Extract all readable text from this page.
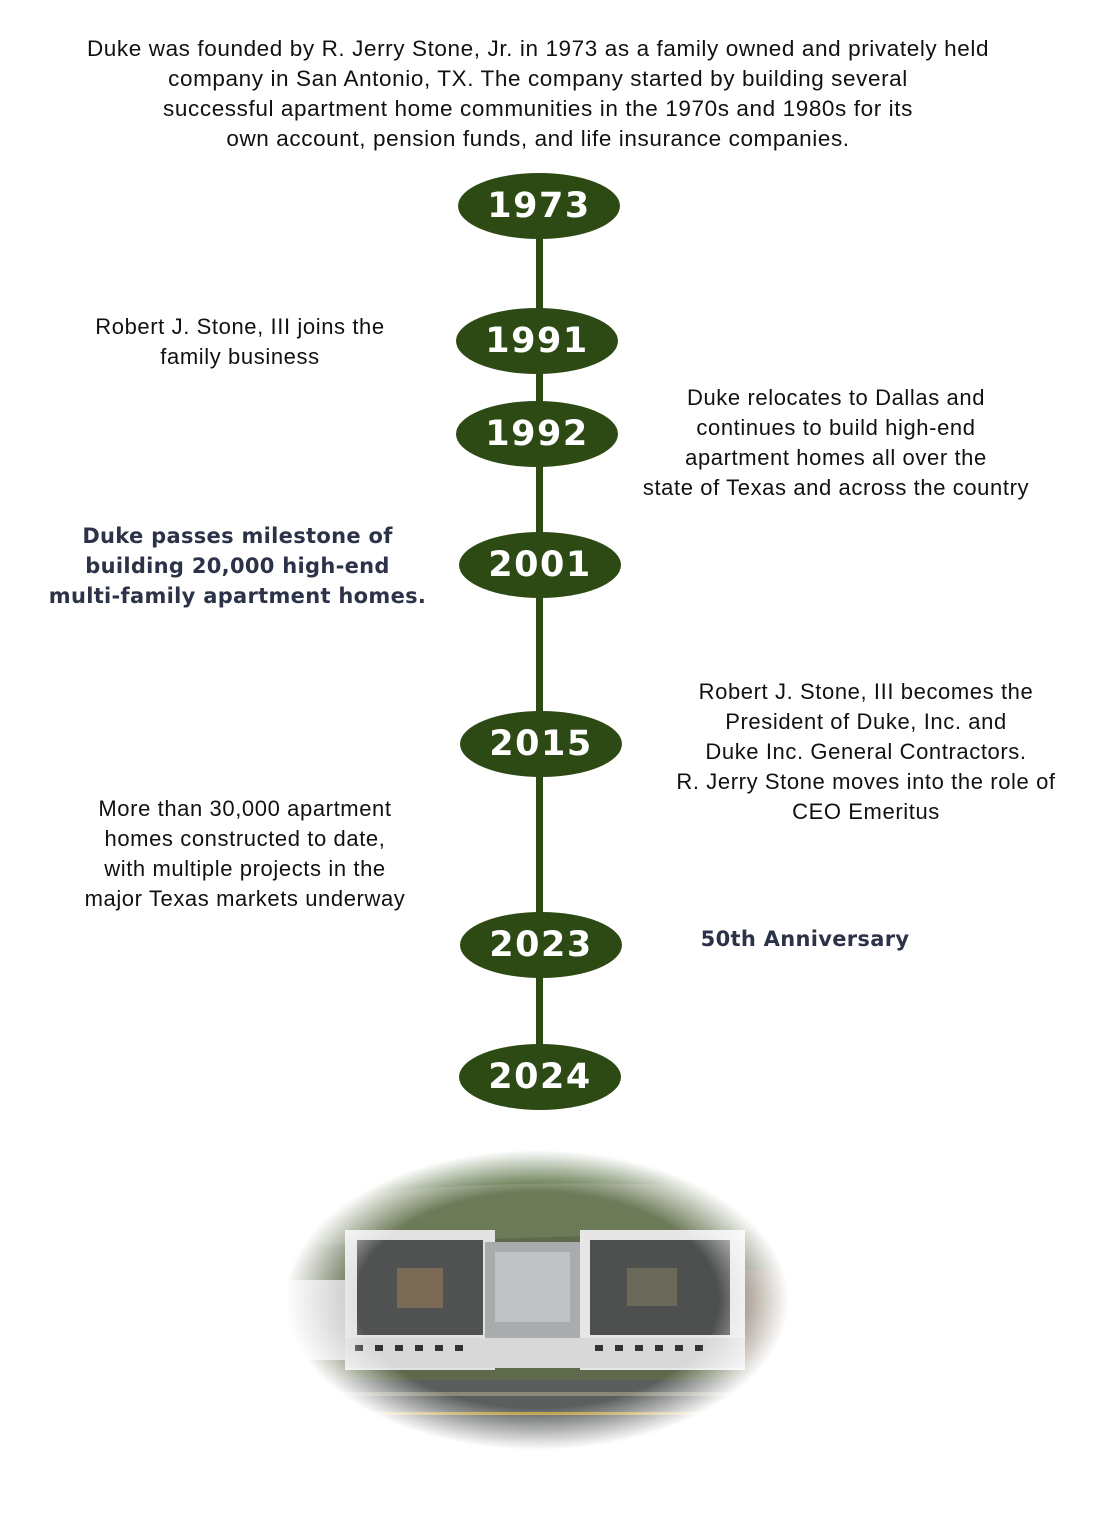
Duke was founded by R. Jerry Stone, Jr. in 1973 as a family owned and privately held
company in San Antonio, TX. The company started by building several
successful apartment home communities in the 1970s and 1980s for its
own account, pension funds, and life insurance companies.
1973
1991
1992
2001
2015
2023
2024
Robert J. Stone, III joins the
family business
Duke relocates to Dallas and
continues to build high-end
apartment homes all over the
state of Texas and across the country
Duke passes milestone of
building 20,000 high-end
multi-family apartment homes.
Robert J. Stone, III becomes the
President of Duke, Inc. and
Duke Inc. General Contractors.
R. Jerry Stone moves into the role of
CEO Emeritus
More than 30,000 apartment
homes constructed to date,
with multiple projects in the
major Texas markets underway
50th Anniversary
